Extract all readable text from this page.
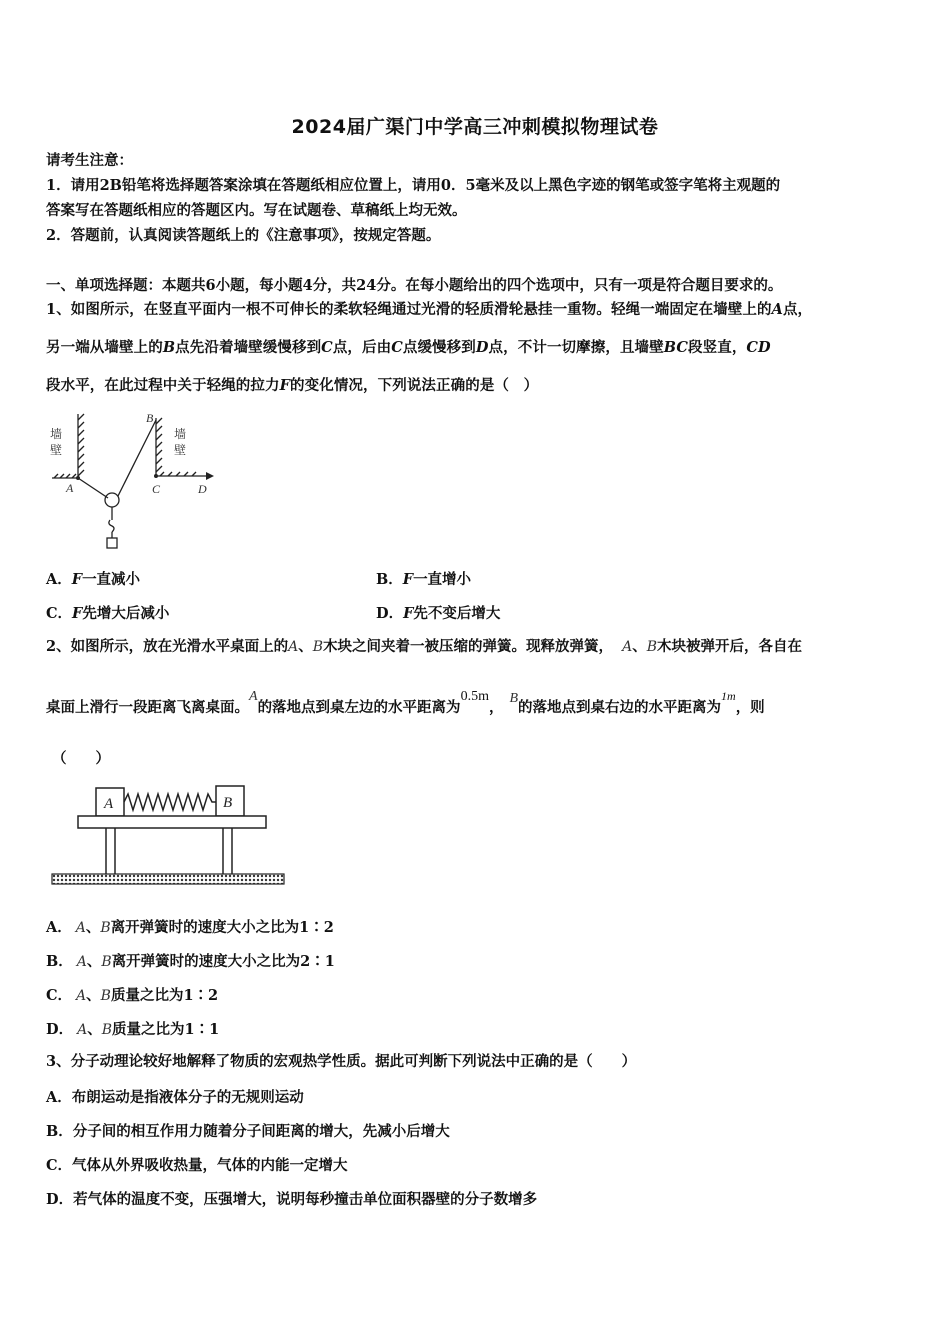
2024届广渠门中学高三冲刺模拟物理试卷
请考生注意：
1．请用2B铅笔将选择题答案涂填在答题纸相应位置上，请用0．5毫米及以上黑色字迹的钢笔或签字笔将主观题的
答案写在答题纸相应的答题区内。写在试题卷、草稿纸上均无效。
2．答题前，认真阅读答题纸上的《注意事项》，按规定答题。
一、单项选择题：本题共6小题，每小题4分，共24分。在每小题给出的四个选项中，只有一项是符合题目要求的。
1、如图所示，在竖直平面内一根不可伸长的柔软轻绳通过光滑的轻质滑轮悬挂一重物。轻绳一端固定在墙壁上的A点，
另一端从墙壁上的B点先沿着墙壁缓慢移到C点，后由C点缓慢移到D点，不计一切摩擦，且墙壁BC段竖直，CD
段水平，在此过程中关于轻绳的拉力F的变化情况，下列说法正确的是（　）
墙壁
墙壁
A
B
C	D
A．F一直减小	B．F一直增小
C．F先增大后减小	D．F先不变后增大
2、如图所示，放在光滑水平桌面上的A、B木块之间夹着一被压缩的弹簧。现释放弹簧， A、B木块被弹开后，各自在
桌面上滑行一段距离飞离桌面。A的落地点到桌左边的水平距离为0.5m，B的落地点到桌右边的水平距离为$^{1m}$，则
（　　）
A	B
A． A、B离开弹簧时的速度大小之比为1∶2
B． A、B离开弹簧时的速度大小之比为2∶1
C． A、B质量之比为1∶2
D． A、B质量之比为1∶1
3、分子动理论较好地解释了物质的宏观热学性质。据此可判断下列说法中正确的是（　　）
A．布朗运动是指液体分子的无规则运动
B．分子间的相互作用力随着分子间距离的增大，先减小后增大
C．气体从外界吸收热量，气体的内能一定增大
D．若气体的温度不变，压强增大，说明每秒撞击单位面积器壁的分子数增多
